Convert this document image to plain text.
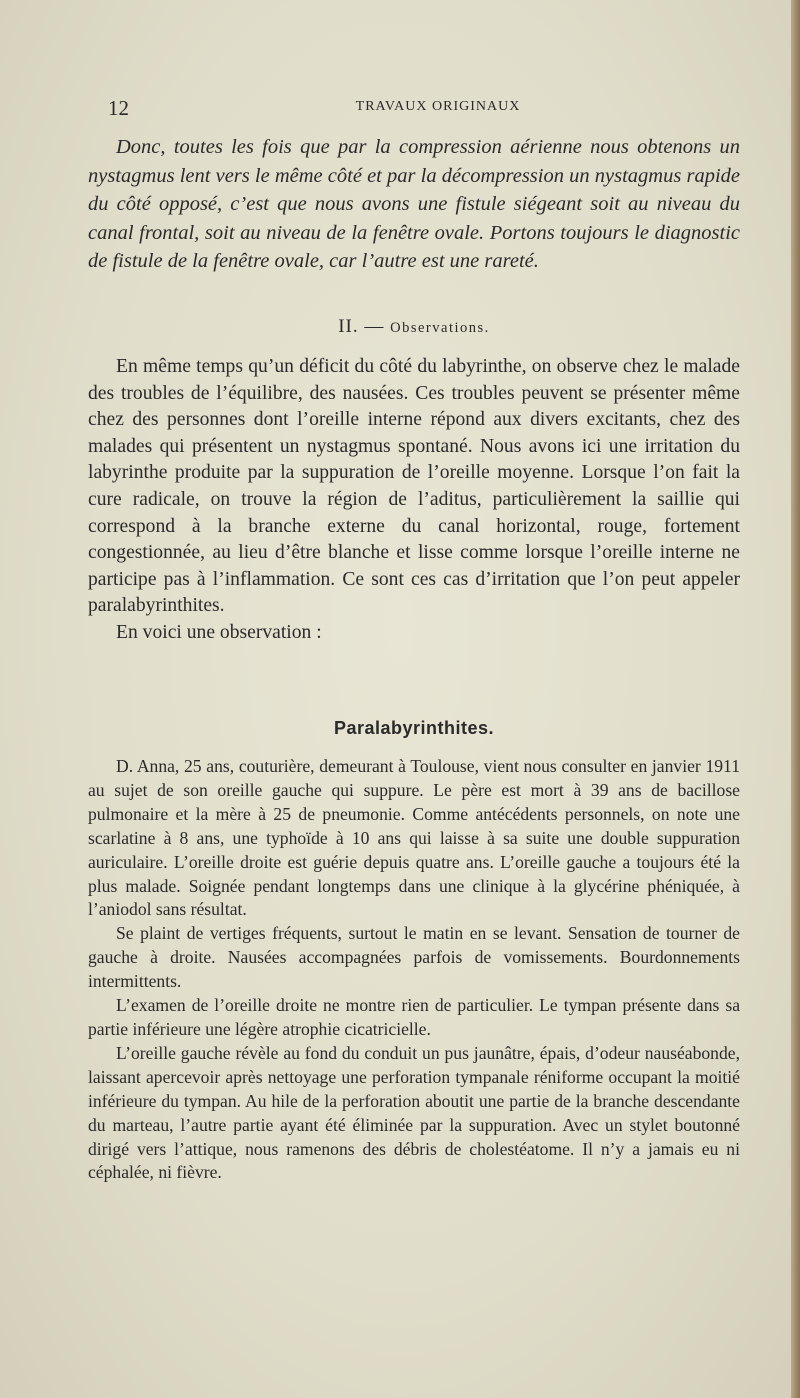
12	TRAVAUX ORIGINAUX

Donc, toutes les fois que par la compression aérienne nous obtenons un nystagmus lent vers le même côté et par la décompression un nystagmus rapide du côté opposé, c’est que nous avons une fistule siégeant soit au niveau du canal frontal, soit au niveau de la fenêtre ovale. Portons toujours le diagnostic de fistule de la fenêtre ovale, car l’autre est une rareté.

II. — Observations.

En même temps qu’un déficit du côté du labyrinthe, on observe chez le malade des troubles de l’équilibre, des nausées. Ces troubles peuvent se présenter même chez des personnes dont l’oreille interne répond aux divers excitants, chez des malades qui présentent un nystagmus spontané. Nous avons ici une irritation du labyrinthe produite par la suppuration de l’oreille moyenne. Lorsque l’on fait la cure radicale, on trouve la région de l’aditus, particulièrement la saillie qui correspond à la branche externe du canal horizontal, rouge, fortement congestionnée, au lieu d’être blanche et lisse comme lorsque l’oreille interne ne participe pas à l’inflammation. Ce sont ces cas d’irritation que l’on peut appeler paralabyrinthites.

En voici une observation :

Paralabyrinthites.

D. Anna, 25 ans, couturière, demeurant à Toulouse, vient nous consulter en janvier 1911 au sujet de son oreille gauche qui suppure. Le père est mort à 39 ans de bacillose pulmonaire et la mère à 25 de pneumonie. Comme antécédents personnels, on note une scarlatine à 8 ans, une typhoïde à 10 ans qui laisse à sa suite une double suppuration auriculaire. L’oreille droite est guérie depuis quatre ans. L’oreille gauche a toujours été la plus malade. Soignée pendant longtemps dans une clinique à la glycérine phéniquée, à l’aniodol sans résultat.

Se plaint de vertiges fréquents, surtout le matin en se levant. Sensation de tourner de gauche à droite. Nausées accompagnées parfois de vomissements. Bourdonnements intermittents.

L’examen de l’oreille droite ne montre rien de particulier. Le tympan présente dans sa partie inférieure une légère atrophie cicatricielle.

L’oreille gauche révèle au fond du conduit un pus jaunâtre, épais, d’odeur nauséabonde, laissant apercevoir après nettoyage une perforation tympanale réniforme occupant la moitié inférieure du tympan. Au hile de la perforation aboutit une partie de la branche descendante du marteau, l’autre partie ayant été éliminée par la suppuration. Avec un stylet boutonné dirigé vers l’attique, nous ramenons des débris de cholestéatome. Il n’y a jamais eu ni céphalée, ni fièvre.
